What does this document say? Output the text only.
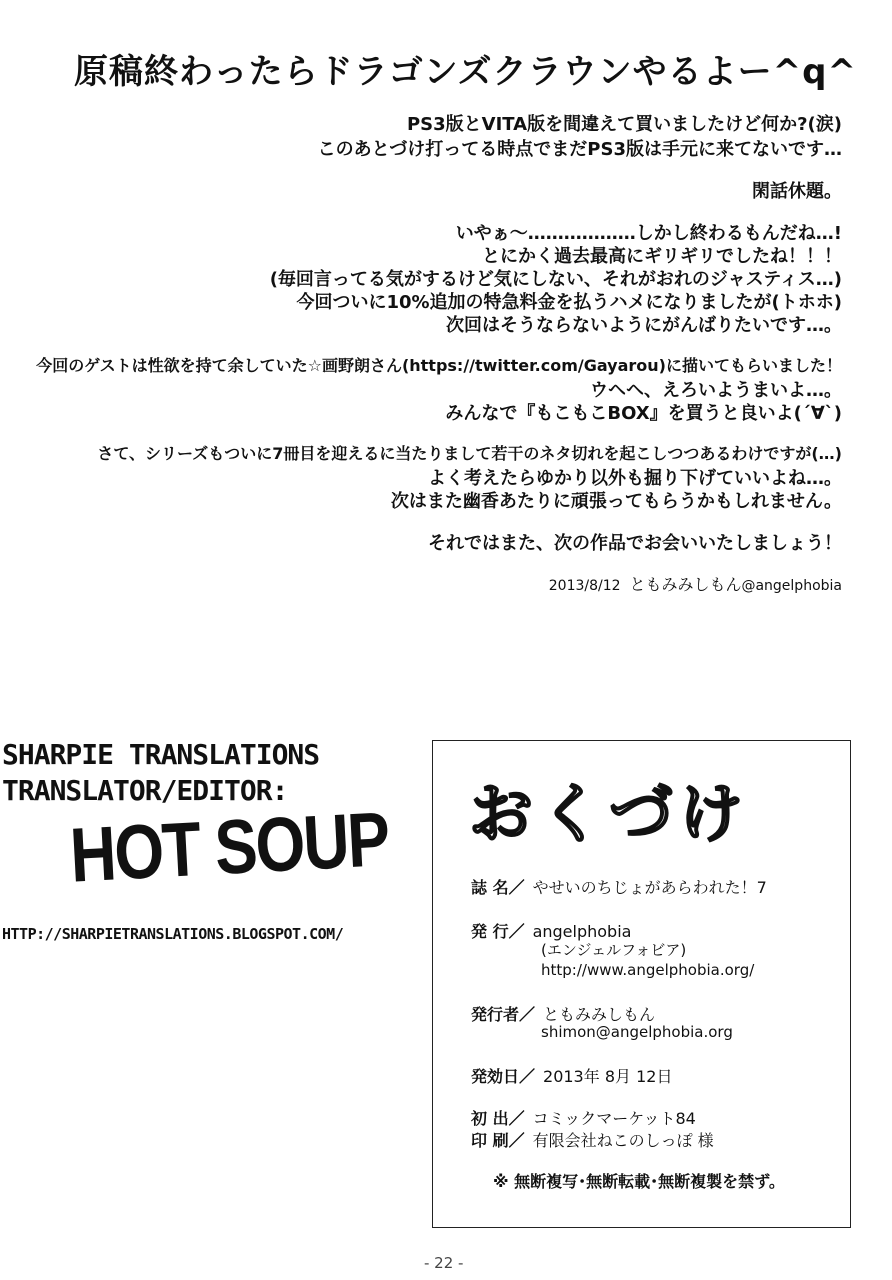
原稿終わったらドラゴンズクラウンやるよー^q^
PS3版とVITA版を間違えて買いましたけど何か?(涙)
このあとづけ打ってる時点でまだPS3版は手元に来てないです…
閑話休題。
いやぁ～………………しかし終わるもんだね…!
とにかく過去最高にギリギリでしたね！！！
(毎回言ってる気がするけど気にしない、それがおれのジャスティス…)
今回ついに10%追加の特急料金を払うハメになりましたが(トホホ)
次回はそうならないようにがんばりたいです…。
今回のゲストは性欲を持て余していた☆画野朗さん(https://twitter.com/Gayarou)に描いてもらいました！
ウヘヘ、えろいようまいよ…。
みんなで『もこもこBOX』を買うと良いよ(´∀`)
さて、シリーズもついに7冊目を迎えるに当たりまして若干のネタ切れを起こしつつあるわけですが(…)
よく考えたらゆかり以外も掘り下げていいよね…。
次はまた幽香あたりに頑張ってもらうかもしれません。
それではまた、次の作品でお会いいたしましょう！
2013/8/12 ともみみしもん@angelphobia
SHARPIE TRANSLATIONS
TRANSLATOR/EDITOR:
HOT SOUP
HTTP://SHARPIETRANSLATIONS.BLOGSPOT.COM/
おくづけ
誌 名／ やせいのちじょがあらわれた！7
発 行／ angelphobia
(エンジェルフォビア)
http://www.angelphobia.org/
発行者／ ともみみしもん
shimon@angelphobia.org
発効日／ 2013年 8月 12日
初 出／ コミックマーケット84
印 刷／ 有限会社ねこのしっぽ 様
※ 無断複写･無断転載･無断複製を禁ず。
- 22 -
